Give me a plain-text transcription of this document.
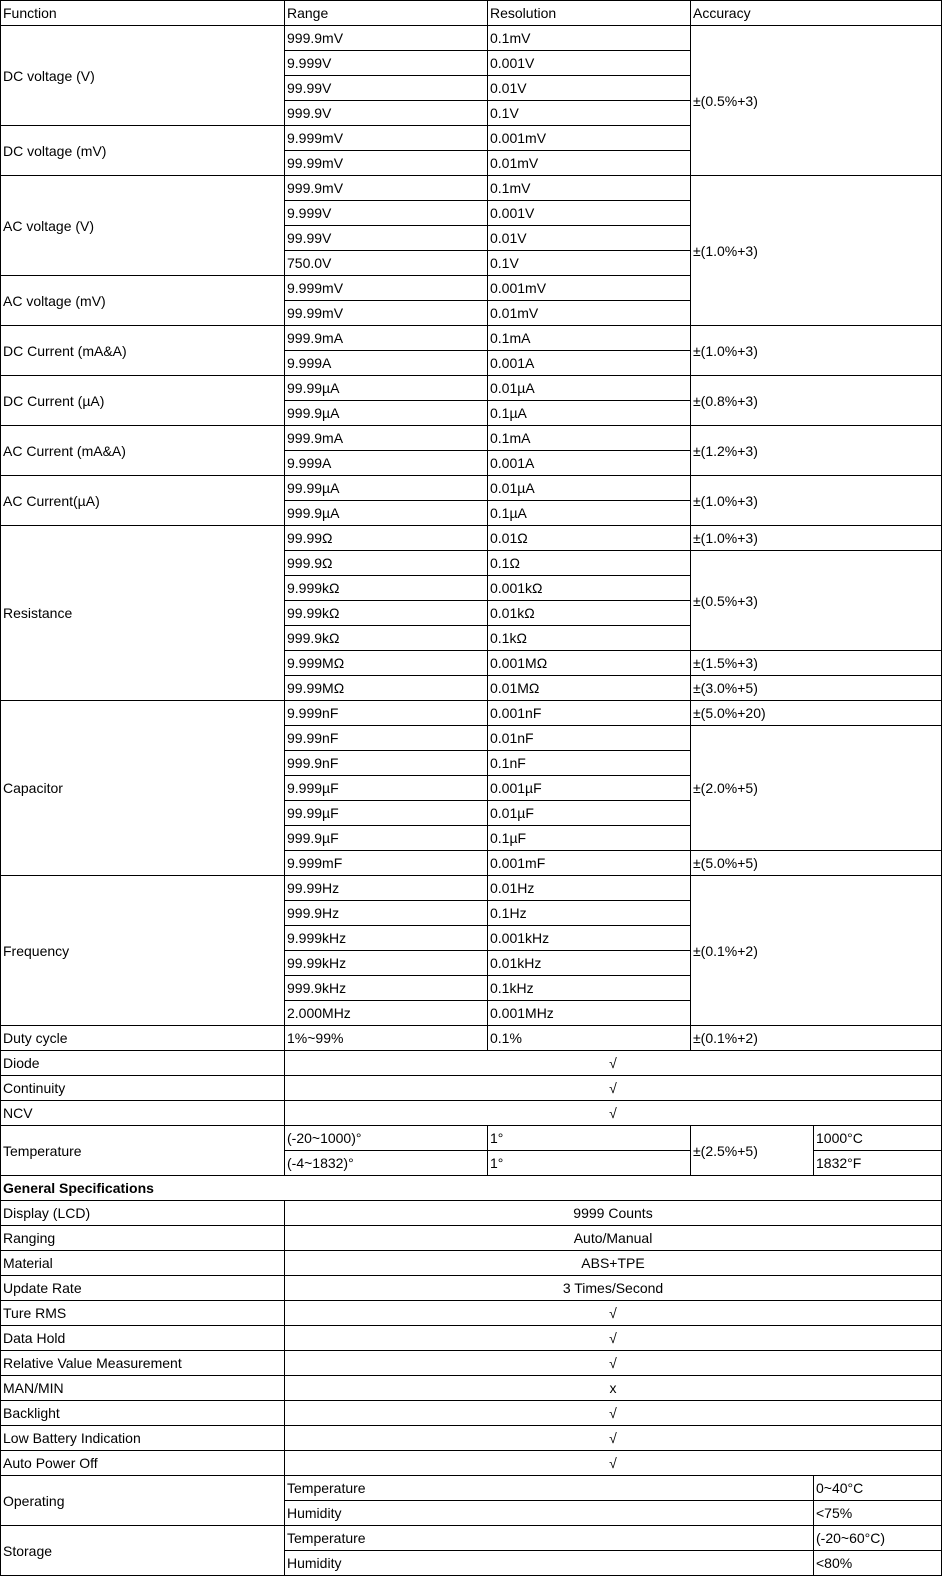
Function	Range	Resolution	Accuracy	
DC voltage (V)	999.9mV	0.1mV	±(0.5%+3)	
	9.999V	0.001V		
	99.99V	0.01V		
	999.9V	0.1V		
DC voltage (mV)	9.999mV	0.001mV		
	99.99mV	0.01mV		
AC voltage (V)	999.9mV	0.1mV	±(1.0%+3)	
	9.999V	0.001V		
	99.99V	0.01V		
	750.0V	0.1V		
AC voltage (mV)	9.999mV	0.001mV		
	99.99mV	0.01mV		
DC Current (mA&A)	999.9mA	0.1mA	±(1.0%+3)	
	9.999A	0.001A		
DC Current (µA)	99.99µA	0.01µA	±(0.8%+3)	
	999.9µA	0.1µA		
AC Current (mA&A)	999.9mA	0.1mA	±(1.2%+3)	
	9.999A	0.001A		
AC Current(µA)	99.99µA	0.01µA	±(1.0%+3)	
	999.9µA	0.1µA		
Resistance	99.99Ω	0.01Ω	±(1.0%+3)	
	999.9Ω	0.1Ω	±(0.5%+3)	
	9.999kΩ	0.001kΩ		
	99.99kΩ	0.01kΩ		
	999.9kΩ	0.1kΩ		
	9.999MΩ	0.001MΩ	±(1.5%+3)	
	99.99MΩ	0.01MΩ	±(3.0%+5)	
Capacitor	9.999nF	0.001nF	±(5.0%+20)	
	99.99nF	0.01nF	±(2.0%+5)	
	999.9nF	0.1nF		
	9.999µF	0.001µF		
	99.99µF	0.01µF		
	999.9µF	0.1µF		
	9.999mF	0.001mF	±(5.0%+5)	
Frequency	99.99Hz	0.01Hz	±(0.1%+2)	
	999.9Hz	0.1Hz		
	9.999kHz	0.001kHz		
	99.99kHz	0.01kHz		
	999.9kHz	0.1kHz		
	2.000MHz	0.001MHz		
Duty cycle	1%~99%	0.1%	±(0.1%+2)	
Diode	√			
Continuity	√			
NCV	√			
Temperature	(-20~1000)°	1°	±(2.5%+5)	1000°C
	(-4~1832)°	1°		1832°F
General Specifications				
Display (LCD)	9999 Counts			
Ranging	Auto/Manual			
Material	ABS+TPE			
Update Rate	3 Times/Second			
Ture RMS	√			
Data Hold	√			
Relative Value Measurement	√			
MAN/MIN	x			
Backlight	√			
Low Battery Indication	√			
Auto Power Off	√			
Operating	Temperature			0~40°C
	Humidity			<75%
Storage	Temperature			(-20~60°C)
	Humidity			<80%
